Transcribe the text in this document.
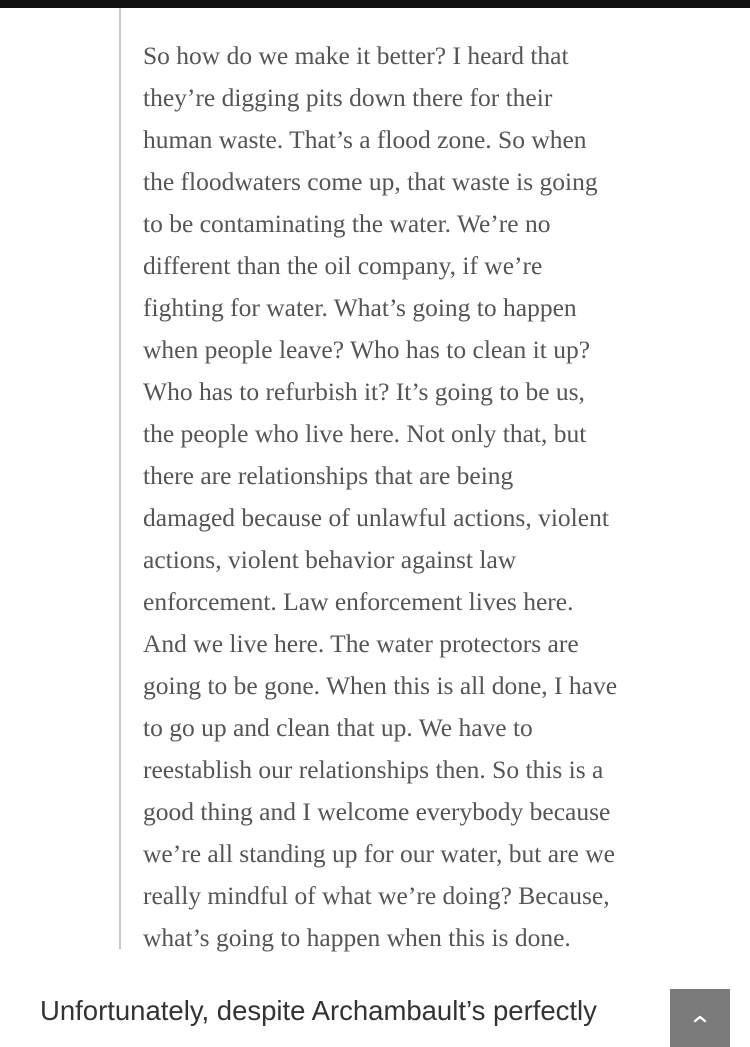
So how do we make it better? I heard that
they’re digging pits down there for their
human waste. That’s a flood zone. So when
the floodwaters come up, that waste is going
to be contaminating the water. We’re no
different than the oil company, if we’re
fighting for water. What’s going to happen
when people leave? Who has to clean it up?
Who has to refurbish it? It’s going to be us,
the people who live here. Not only that, but
there are relationships that are being
damaged because of unlawful actions, violent
actions, violent behavior against law
enforcement. Law enforcement lives here.
And we live here. The water protectors are
going to be gone. When this is all done, I have
to go up and clean that up. We have to
reestablish our relationships then. So this is a
good thing and I welcome everybody because
we’re all standing up for our water, but are we
really mindful of what we’re doing? Because,
what’s going to happen when this is done.

Unfortunately, despite Archambault’s perfectly
